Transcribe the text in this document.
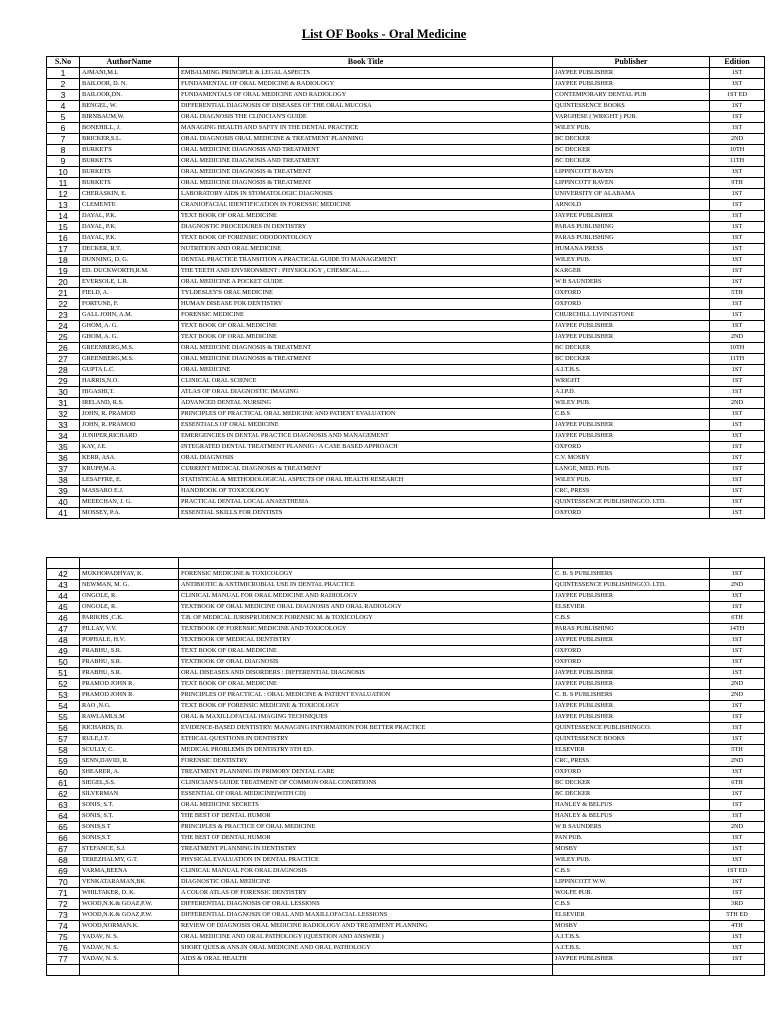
List OF Books - Oral Medicine
S.No	AuthorName	Book Title	Publisher	Edition
1	AJMANI,M.L	EMBALMING PRINCIPLE & LEGAL ASPECTS	JAYPEE PUBLISHER	1ST
2	BAILOOR, D. N.	FUNDAMENTAL OF ORAL MEDICINE & RADIOLOGY	JAYPEE PUBLISHER	1ST
3	BAILOOR,DN.	FUNDAMENTALS OF ORAL MEDICINE AND RADIOLOGY	CONTEMPORARY DENTAL PUB	1ST ED
4	BENGEL, W.	DIFFERENTIAL DIAGNOSIS OF DISEASES OF THE ORAL MUCOSA	QUINTESSENCE BOOKS	1ST
5	BIRNBAUM,W.	ORAL DIAGNOSIS THE CLINICIAN'S GUIDE	VARGHESE ( WRIGHT ) PUB.	1ST
6	BONEHILL, J.	MANAGING HEALTH AND SAFTY IN THE DENTAL PRACTICE	WILEY PUB.	1ST
7	BRICKER,S.L.	ORAL DIAGNOSIS ORAL MEDICINE & TREATMENT PLANNING	BC DECKER	2ND
8	BURKET'S	ORAL MEDICINE DIAGNOSIS AND TREATMENT	BC DECKER	10TH
9	BURKET'S	ORAL MEDICINE DIAGNOSIS AND TREATMENT	BC DECKER	11TH
10	BURKETS	ORAL MEDICINE DIAGNOSIS & TREATMENT	LIPPINCOTT RAVEN	1ST
11	BURKETS	ORAL MEDICINE DIAGNOSIS & TREATMENT	LIPPINCOTT RAVEN	9TH
12	CHERASKIN, E.	LABORATORY AIDS IN STOMATOLOGIC DIAGNOSIS	UNIVERSITY OF ALABAMA	1ST
13	CLEMENTE	CRANIOFACIAL IDENTIFICATION IN FORENSIC MEDICINE	ARNOLD	1ST
14	DAYAL, P.K.	TEXT BOOK OF ORAL MEDICINE	JAYPEE PUBLISHER	1ST
15	DAYAL, P.K.	DIAGNOSTIC PROCEDURES IN DENTISTRY	PARAS PUBLISHING	1ST
16	DAYAL, P.K.	TEXT BOOK OF FORENSIC ODODONTOLOGY	PARAS PUBLISHING	1ST
17	DECKER, R.T.	NUTRITION AND ORAL MEDICINE	HUMANA PRESS	1ST
18	DUNNING, D. G.	DENTAL PRACTICE TRANSITION A PRACTICAL GUIDE TO MANAGEMENT	WILEY PUB.	1ST
19	ED. DUCKWORTH,R.M.	THE TEETH AND ENVIRONMENT : PHYSIOLOGY , CHEMICAL......	KARGER	1ST
20	EVERSOLE, L.R.	ORAL MEDICINE A POCKET GUIDE	W B SAUNDERS	1ST
21	FIELD, A.	TYLDESLEY'S ORAL MEDICINE	OXFORD	5TH
22	FORTUNE, F.	HUMAN DISEASE FOR DENTISTRY	OXFORD	1ST
23	GALL JOHN, A.M.	FORENSIC MEDICINE	CHURCHILL LIVINGSTONE	1ST
24	GHOM, A. G.	TEXT BOOK OF ORAL MEDICINE	JAYPEE PUBLISHER	1ST
25	GHOM, A. G.	TEXT BOOK OF ORAL MEDICINE	JAYPEE PUBLISHER	2ND
26	GREENBERG,M.S.	ORAL MEDICINE DIAGNOSIS & TREATMENT	BC DECKER	10TH
27	GREENBERG,M.S.	ORAL MEDICINE DIAGNOSIS & TREATMENT	BC DECKER	11TH
28	GUPTA L.C.	ORAL MEDICINE	A.I.T.B.S.	1ST
29	HARRIS,N.O.	CLINICAL ORAL SCIENCE	WRIGHT	1ST
30	HIGASHI,T.	ATLAS OF ORAL DIAGNOSTIC IMAGING	A.I.P.D.	1ST
31	IRELAND, R.S.	ADVANCED DENTAL NURSING	WILEY PUB.	2ND
32	JOHN, R. PRAMOD	PRINCIPLES OF PRACTICAL ORAL MEDICINE AND PATIENT EVALUATION	C.B.S	1ST
33	JOHN, R. PRAMOD	ESSENTIALS OF ORAL MEDICINE	JAYPEE PUBLISHER	1ST
34	JUNIPER,RICHARD	EMERGENCIES IN DENTAL PRACTICE DIAGNOSIS AND MANAGEMENT	JAYPEE PUBLISHER	1ST
35	KAY, J.E.	INTEGRATED DENTAL TREATMENT PLANNIG : A CASE BASED APPROACH	OXFORD	1ST
36	KERR, ASA.	ORAL DIAGNOSIS	C.V. MOSBY	1ST
37	KRUPP,M.A.	CURRENT MEDICAL DIAGNOSIS & TREATMENT	LANGE, MED. PUB.	1ST
38	LESAFFRE, E.	STATISTICAL & METHODOLOGICAL ASPECTS OF ORAL HEALTH RESEARCH	WILEY PUB.	1ST
39	MASSARO E.J.	HANDBOOK OF TOXICOLOGY	CRC, PRESS	1ST
40	MEEECHAN, J. G.	PRACTICAL DENTAL LOCAL ANAESTHESIA	QUINTESSENCE PUBLISHINGCO. LTD.	1ST
41	MOSSEY, P.A.	ESSENTIAL SKILLS FOR DENTISTS	OXFORD	1ST

42	MUKHOPADHYAY, K.	FORENSIC MEDICINE & TOXICOLOGY	C. B. S PUBLISHERS	1ST
43	NEWMAN, M. G.	ANTIBIOTIC & ANTIMICROBIAL USE IN DENTAL PRACTICE	QUINTESSENCE PUBLISHINGCO. LTD.	2ND
44	ONGOLE, R.	CLINICAL MANUAL FOR ORAL MEDICINE AND RADIOLOGY	JAYPEE PUBLISHER	1ST
45	ONGOLE, R.	TEXTBOOK OF ORAL MEDICINE ORAL DIAGNOSIS AND ORAL RADIOLOGY	ELSEVIER	1ST
46	PARIKHS ,C.K.	T.B. OF MEDICAL JURISPRUDENCE FORENSIC M. & TOXICOLOGY	C.B.S	6TH
47	PILLAY, V.V.	TEXTBOOK OF FORENSIC MEDICINE AND TOXICOLOGY	PARAS PUBLISHING	14TH
48	POPHALE, H.V.	TEXTBOOK OF MEDICAL DENTISTRY	JAYPEE PUBLISHER	1ST
49	PRABHU, S.R.	TEXT BOOK OF ORAL MEDICINE	OXFORD	1ST
50	PRABHU, S.R.	TEXTBOOK OF ORAL DIAGNOSIS	OXFORD	1ST
51	PRABHU, S.R.	ORAL DISEASES AND DISORDERS : DIFFERENTIAL DIAGNOSIS	JAYPEE PUBLISHER	1ST
52	PRAMOD JOHN R.	TEXT BOOK OF ORAL MEDICINE	JAYPEE PUBLISHER	2ND
53	PRAMOD JOHN R.	PRINCIPLES OF PRACTICAL : ORAL MEDICINE & PATIENT EVALUATION	C. B. S PUBLISHERS	2ND
54	RAO ,N.G.	TEXT BOOK OF FORENSIC MEDICINE & TOXICOLOGY	JAYPEE PUBLISHER	1ST
55	RAWLAMLS.M	ORAL & MAXILLOFACIAL IMAGING TECHNIQUES	JAYPEE PUBLISHER	1ST
56	RICHARDS, D.	EVIDENCE-BASED DENTISTRY: MANAGING INFORMATION FOR BETTER PRACTICE	QUINTESSENCE PUBLISHINGCO.	1ST
57	RULE,J.T.	ETHICAL QUESTIONS IN DENTISTRY	QUINTESSENCE BOOKS	1ST
58	SCULLY, C.	MEDICAL PROBLEMS IN DENTISTRY 5TH ED.	ELSEVIER	5TH
59	SENN,DAVID, R.	FORENSIC DENTISTRY	CRC, PRESS	2ND
60	SHEARER, A.	TREATMENT PLANNING IN PRIMORY DENTAL CARE	OXFORD	1ST
61	SIEGEL,S.S.	CLINICIAN'S GUIDE TREATMENT OF COMMON ORAL CONDITIONS	BC DECKER	6TH
62	SILVERMAN	ESSENTIAL OF ORAL MEDICINE(WITH CD)	BC DECKER	1ST
63	SONIS, S.T.	ORAL MEDICINE SECRETS	HANLEY & BELFUS	1ST
64	SONIS, S.T.	THE BEST OF DENTAL HUMOR	HANLEY & BELFUS	1ST
65	SONIS,S.T	PRINCIPLES & PRACTICE OF ORAL MEDICINE	W B SAUNDERS	2ND
66	SONIS,S.T	THE BEST OF DENTAL HUMOR	PAN PUB.	1ST
67	STEFANCE, S.J.	TREATMENT PLANNING IN DENTISTRY	MOSBY	1ST
68	TEREZHALMY, G.T.	PHYSICAL EVALUATION IN DENTAL PRACTICE	WILEY PUB.	1ST
69	VARMA,BEENA	CLINICAL MANUAL FOR ORAL DIAGNOSIS	C.B.S	1ST ED
70	VENKATARAMAN,BK	DIAGNOSTIC ORAL MEDICINE	LIPPINCOTT W.W.	1ST
71	WHILTAKER, D. K.	A COLOR ATLAS OF FORENSIC DENTISTRY	WOLFE PUB.	1ST
72	WOOD,N.K.& GOAZ,P.W.	DIFFERENTIAL DIAGNOSIS OF ORAL LESSIONS	C.B.S	3RD
73	WOOD,N.K.& GOAZ,P.W.	DIFFERENTIAL DIAGNOSIS OF ORAL AND MAXILLOFACIAL LESSIONS	ELSEVIER	5TH ED
74	WOOD,NORMAN.K.	REVIEW OF DIAGNOSIS ORAL MEDICINE RADIOLOGY AND TREATMENT PLANNING	MOSBY	4TH
75	YADAV, N. S.	ORAL MEDICINE AND ORAL PATHOLOGY (QUESTION AND ANSWER )	A.I.T.B.S.	1ST
76	YADAV, N. S.	SHORT QUES.& ANS.IN ORAL MEDICINE AND ORAL PATHOLOGY	A.I.T.B.S.	1ST
77	YADAV, N. S.	AIDS & ORAL HEALTH	JAYPEE PUBLISHER	1ST
